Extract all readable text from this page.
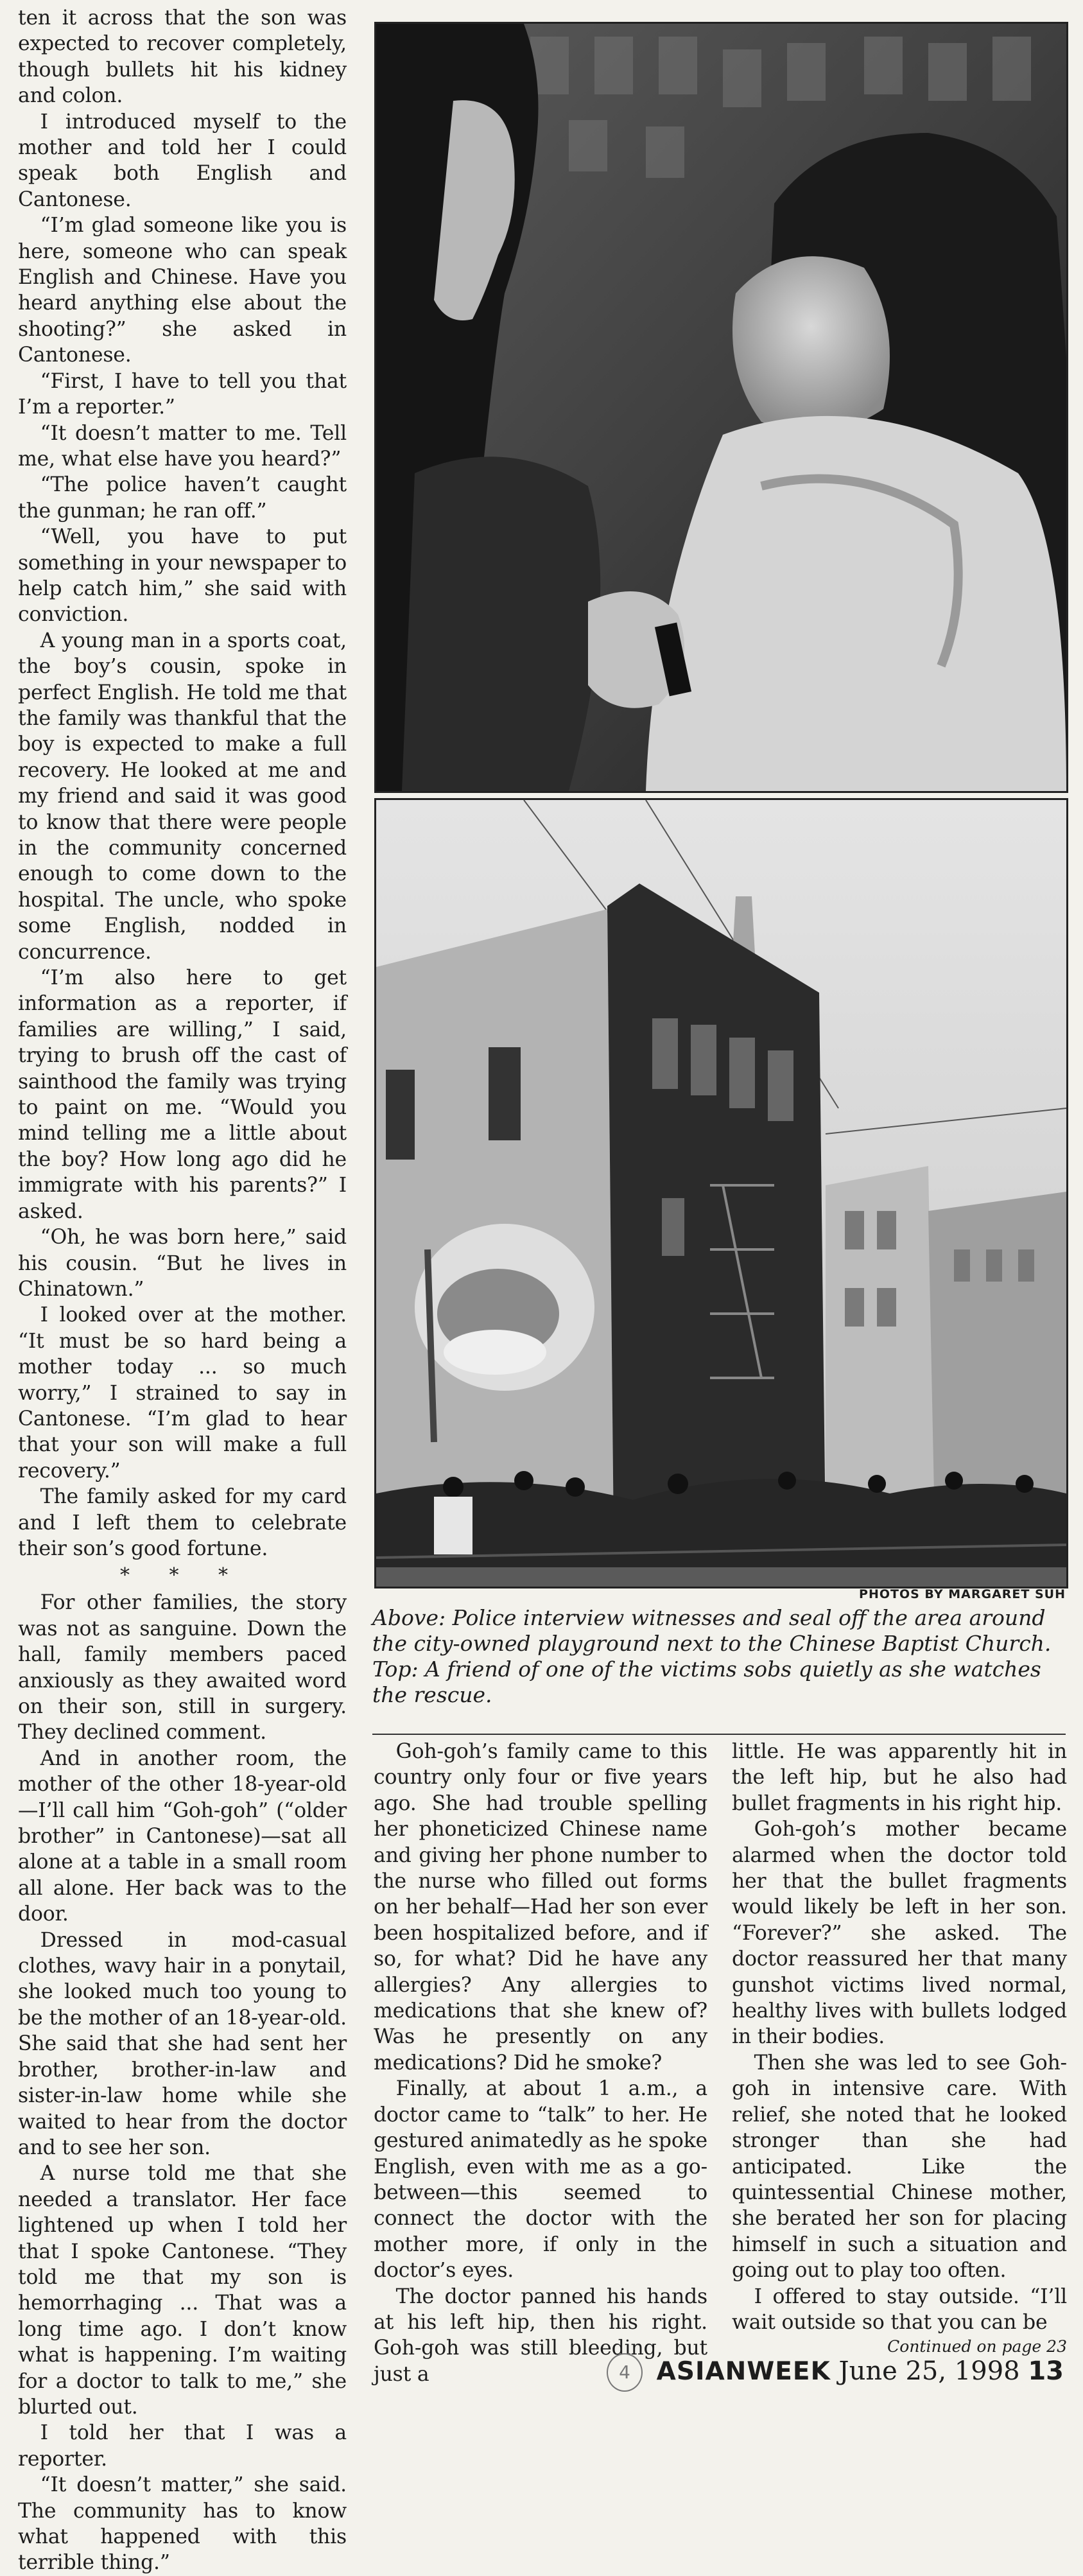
ten it across that the son was expected to recover completely, though bullets hit his kidney and colon.

I introduced myself to the mother and told her I could speak both English and Cantonese.

“I’m glad someone like you is here, someone who can speak English and Chinese. Have you heard anything else about the shooting?” she asked in Cantonese.

“First, I have to tell you that I’m a reporter.”

“It doesn’t matter to me. Tell me, what else have you heard?”

“The police haven’t caught the gunman; he ran off.”

“Well, you have to put something in your newspaper to help catch him,” she said with conviction.

A young man in a sports coat, the boy’s cousin, spoke in perfect English. He told me that the family was thankful that the boy is expected to make a full recovery. He looked at me and my friend and said it was good to know that there were people in the community concerned enough to come down to the hospital. The uncle, who spoke some English, nodded in concurrence.

“I’m also here to get information as a reporter, if families are willing,” I said, trying to brush off the cast of sainthood the family was trying to paint on me. “Would you mind telling me a little about the boy? How long ago did he immigrate with his parents?” I asked.

“Oh, he was born here,” said his cousin. “But he lives in Chinatown.”

I looked over at the mother. “It must be so hard being a mother today ... so much worry,” I strained to say in Cantonese. “I’m glad to hear that your son will make a full recovery.”

The family asked for my card and I left them to celebrate their son’s good fortune.

* * *

For other families, the story was not as sanguine. Down the hall, family members paced anxiously as they awaited word on their son, still in surgery. They declined comment.

And in another room, the mother of the other 18-year-old—I’ll call him “Goh-goh” (“older brother” in Cantonese)—sat all alone at a table in a small room all alone. Her back was to the door.

Dressed in mod-casual clothes, wavy hair in a ponytail, she looked much too young to be the mother of an 18-year-old. She said that she had sent her brother, brother-in-law and sister-in-law home while she waited to hear from the doctor and to see her son.

A nurse told me that she needed a translator. Her face lightened up when I told her that I spoke Cantonese. “They told me that my son is hemorrhaging ... That was a long time ago. I don’t know what is happening. I’m waiting for a doctor to talk to me,” she blurted out.

I told her that I was a reporter.

“It doesn’t matter,” she said. The community has to know what happened with this terrible thing.”

PHOTOS BY MARGARET SUH

Above: Police interview witnesses and seal off the area around the city-owned playground next to the Chinese Baptist Church. Top: A friend of one of the victims sobs quietly as she watches the rescue.

Goh-goh’s family came to this country only four or five years ago. She had trouble spelling her phoneticized Chinese name and giving her phone number to the nurse who filled out forms on her behalf—Had her son ever been hospitalized before, and if so, for what? Did he have any allergies? Any allergies to medications that she knew of? Was he presently on any medications? Did he smoke?

Finally, at about 1 a.m., a doctor came to “talk” to her. He gestured animatedly as he spoke English, even with me as a go-between—this seemed to connect the doctor with the mother more, if only in the doctor’s eyes.

The doctor panned his hands at his left hip, then his right. Goh-goh was still bleeding, but just a

little. He was apparently hit in the left hip, but he also had bullet fragments in his right hip.

Goh-goh’s mother became alarmed when the doctor told her that the bullet fragments would likely be left in her son. “Forever?” she asked. The doctor reassured her that many gunshot victims lived normal, healthy lives with bullets lodged in their bodies.

Then she was led to see Goh-goh in intensive care. With relief, she noted that he looked stronger than she had anticipated. Like the quintessential Chinese mother, she berated her son for placing himself in such a situation and going out to play too often.

I offered to stay outside. “I’ll wait outside so that you can be

Continued on page 23

4	ASIANWEEK June 25, 1998 13
